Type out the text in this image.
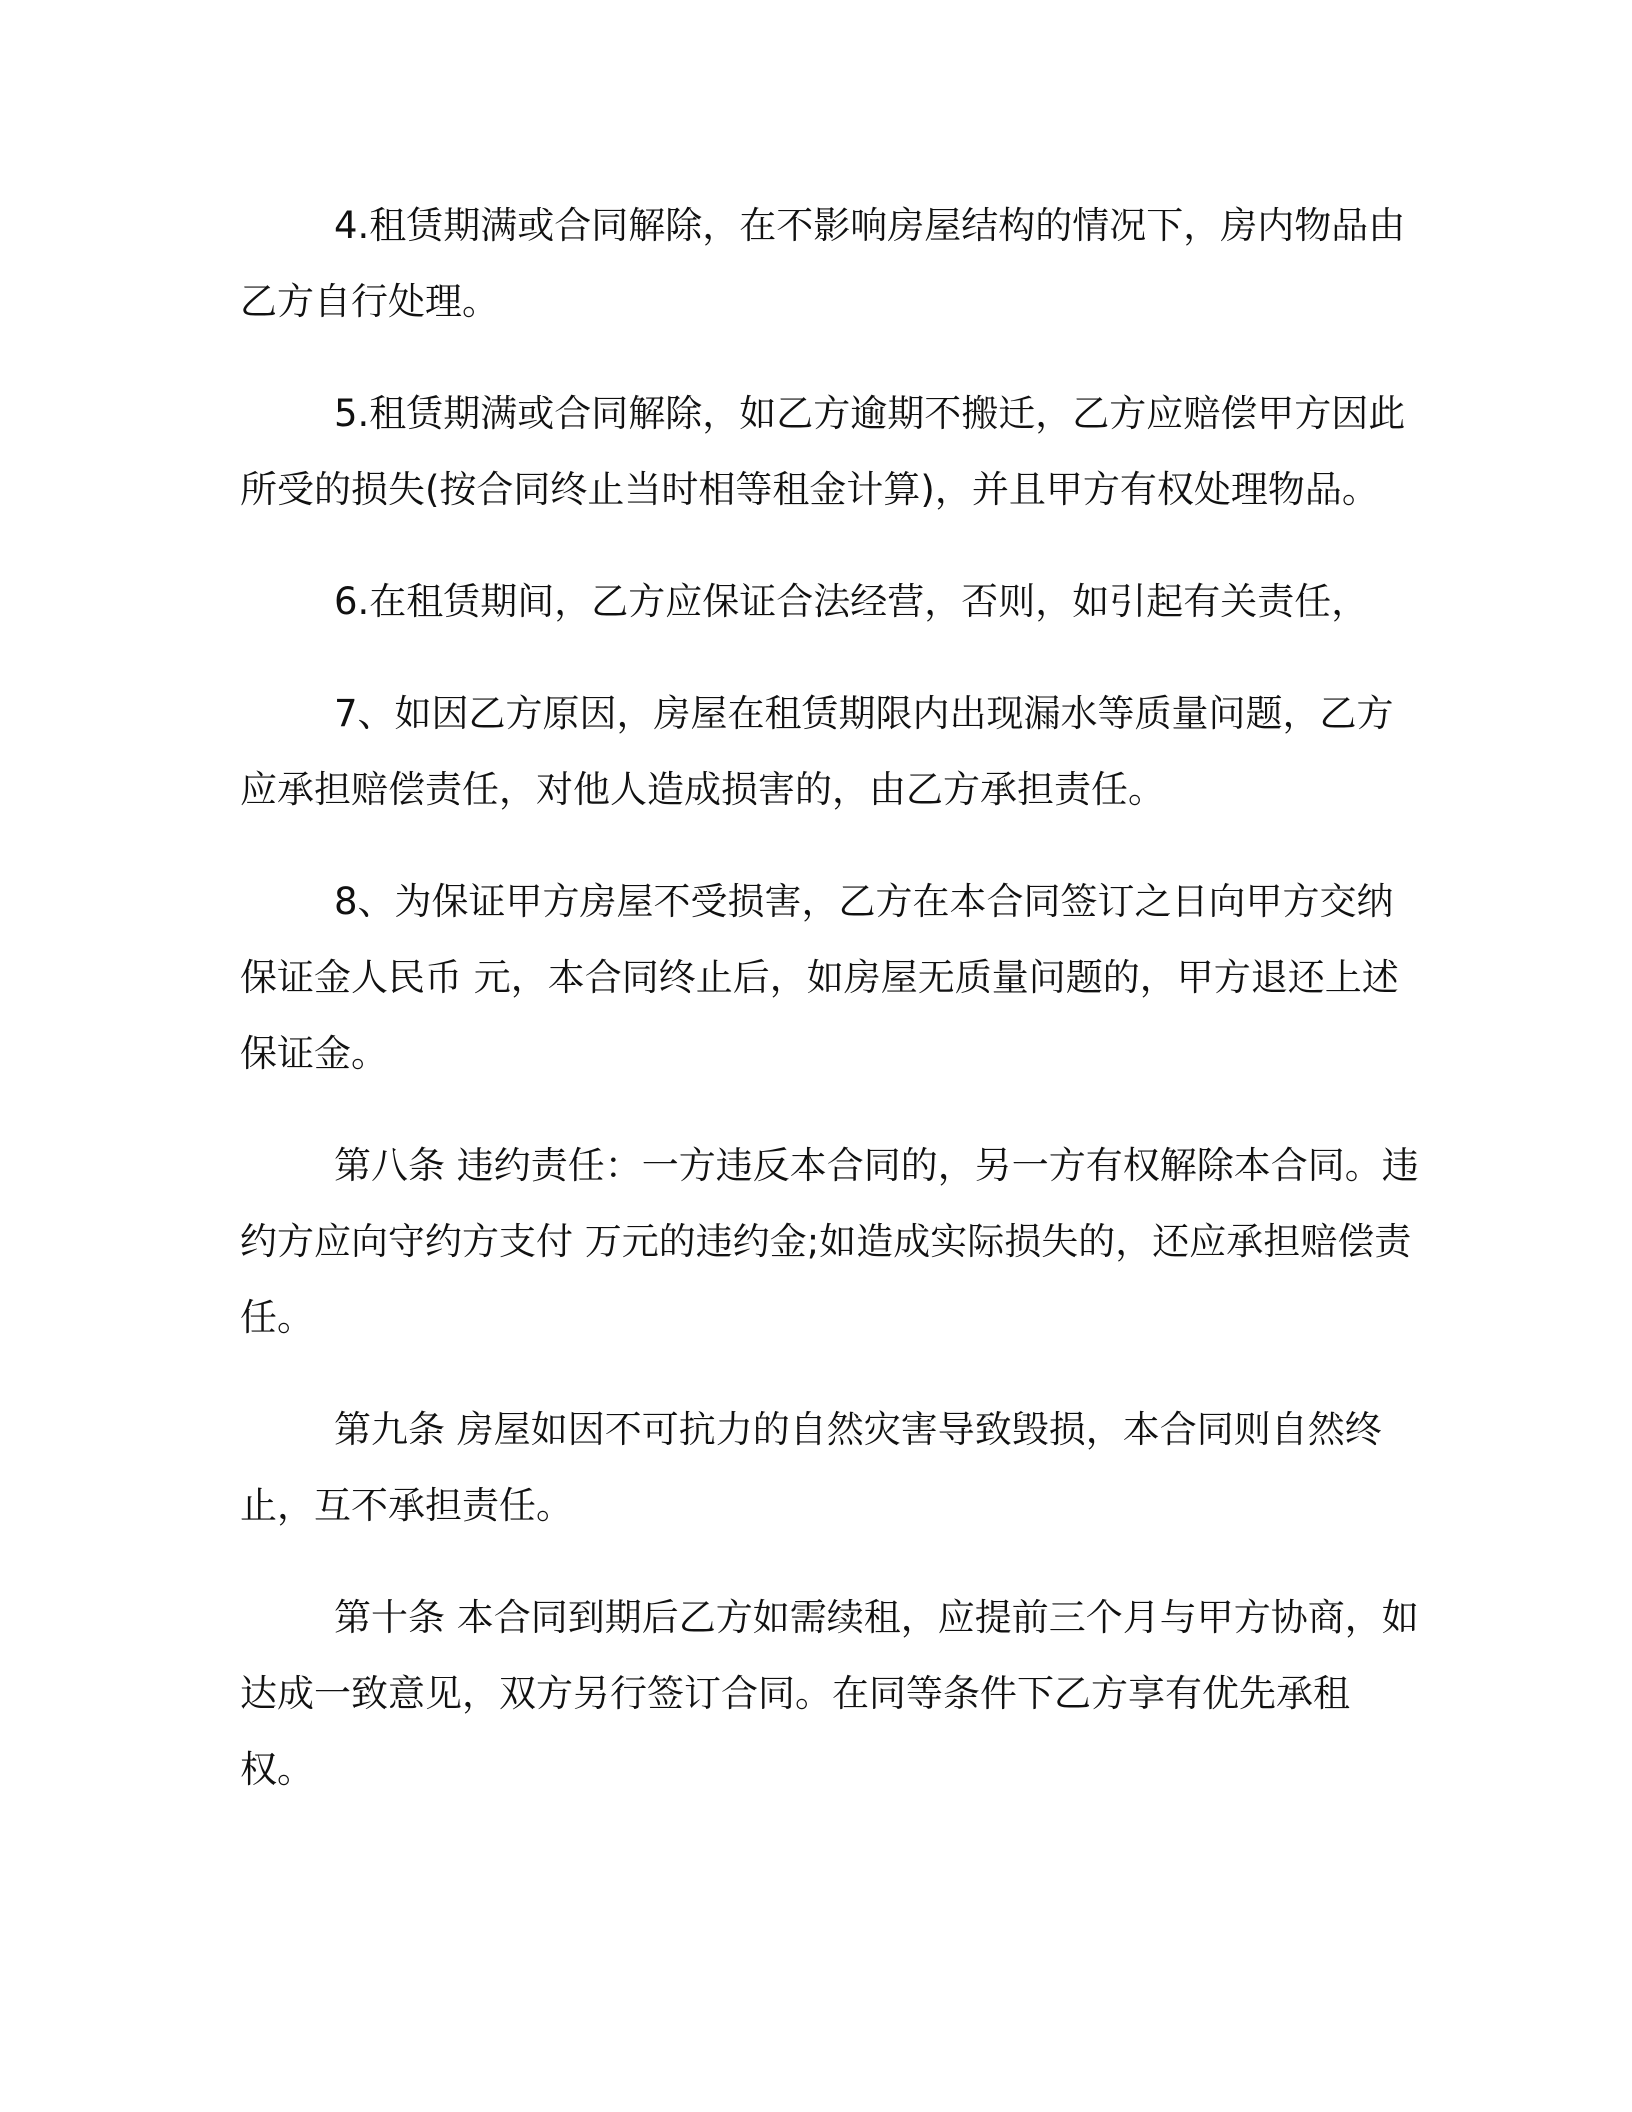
4.租赁期满或合同解除，在不影响房屋结构的情况下，房内物品由乙方自行处理。

5.租赁期满或合同解除，如乙方逾期不搬迁，乙方应赔偿甲方因此所受的损失(按合同终止当时相等租金计算)，并且甲方有权处理物品。

6.在租赁期间，乙方应保证合法经营，否则，如引起有关责任，

7、如因乙方原因，房屋在租赁期限内出现漏水等质量问题，乙方应承担赔偿责任，对他人造成损害的，由乙方承担责任。

8、为保证甲方房屋不受损害，乙方在本合同签订之日向甲方交纳保证金人民币 元，本合同终止后，如房屋无质量问题的，甲方退还上述保证金。

第八条 违约责任：一方违反本合同的，另一方有权解除本合同。违约方应向守约方支付 万元的违约金;如造成实际损失的，还应承担赔偿责任。

第九条 房屋如因不可抗力的自然灾害导致毁损，本合同则自然终止，互不承担责任。

第十条 本合同到期后乙方如需续租，应提前三个月与甲方协商，如达成一致意见，双方另行签订合同。在同等条件下乙方享有优先承租权。
